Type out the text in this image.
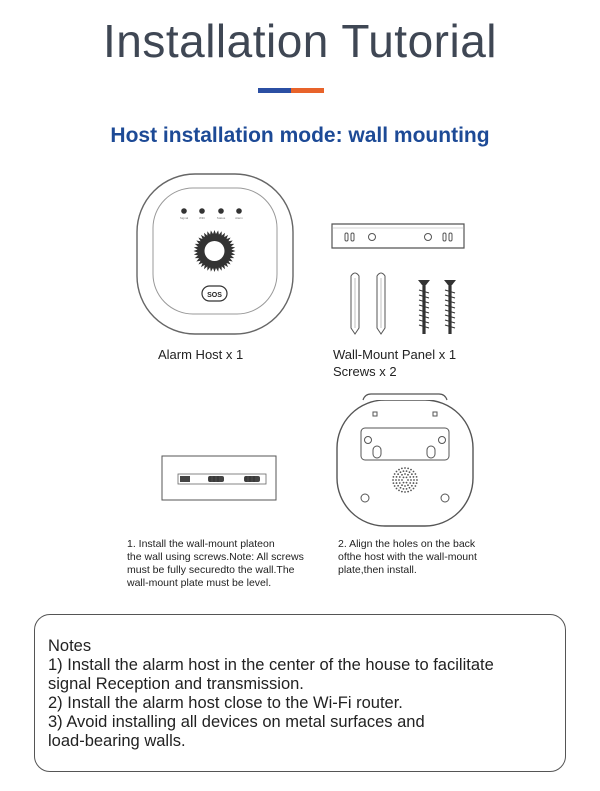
Installation Tutorial
Host installation mode: wall mounting
Signal	WiFi	Status	Alarm
SOS
Alarm Host x 1	Wall-Mount Panel x 1
Screws x 2
1. Install the wall-mount plateon
the wall using screws.Note: All screws
must be fully securedto the wall.The
wall-mount plate must be level.
2. Align the holes on the back
ofthe host with the wall-mount
plate,then install.
Notes
1) Install the alarm host in the center of the house to facilitate
signal Reception and transmission.
2) Install the alarm host close to the Wi-Fi router.
3) Avoid installing all devices on metal surfaces and
load-bearing walls.
